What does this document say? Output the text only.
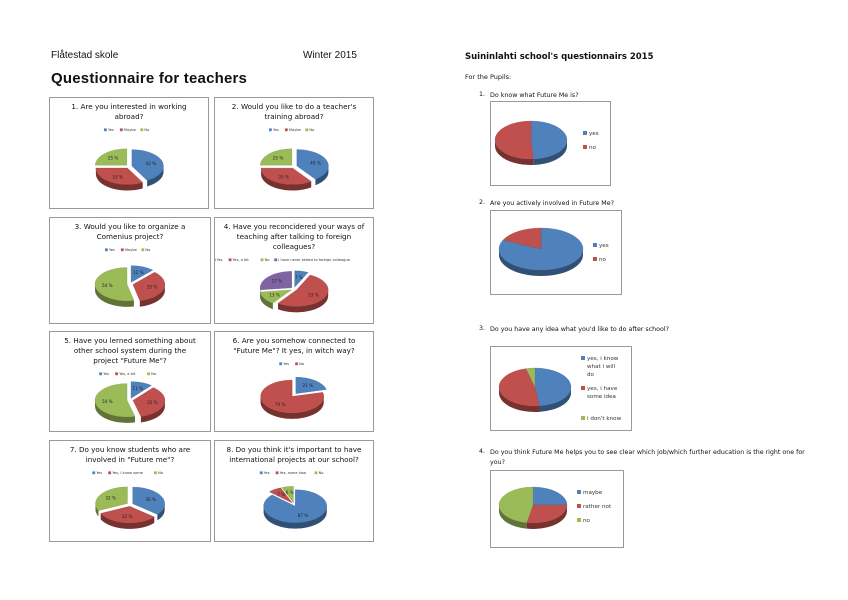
Flåtestad skole	Winter 2015
Questionnaire for teachers
1. Are you interested in working
abroad?
Yes	Maybe No
42 %
33 %
25 %
2. Would you like to do a teacher's
training abroad?
Yes	Maybe No
40 %
35 %
25 %
3. Would you like to organize a
Comenius project?
Yes	Maybe No
12 %
35 %
54 %
4. Have you reconcidered your ways of
teaching after talking to foreign
colleagues?
Yes	Yes, a bit	No I have never talked to foreign colleague
7 %
53 %
13 %
27 %
5. Have you lerned something about
other school system during the
project "Future Me"?
Yes	Yes, a bit	No
11 %
35 %
54 %
6. Are you somehow connected to
"Future Me"? It yes, in witch way?
Yes	No
21 %
79 %
7. Do you know students who are
involved in "Future me"?
Yes	Yes, I know some	No
36 %
32 %
32 %
8. Do you think it's important to have
international projects at our school?
Yes	Yes, some how	No
87 %
7 % 6 %
Suininlahti school's questionnairs 2015
For the Pupils:
1. Do know what Future Me is?
2. Are you actively involved in Future Me?
3. Do you have any idea what you'd like to do after school?
4. Do you think Future Me helps you to see clear which job/which further education is the right one for you?
yes
no
yes
no
yes, i know
what i will
do
yes, i have
some idea
i don't know
maybe
rather not
no
